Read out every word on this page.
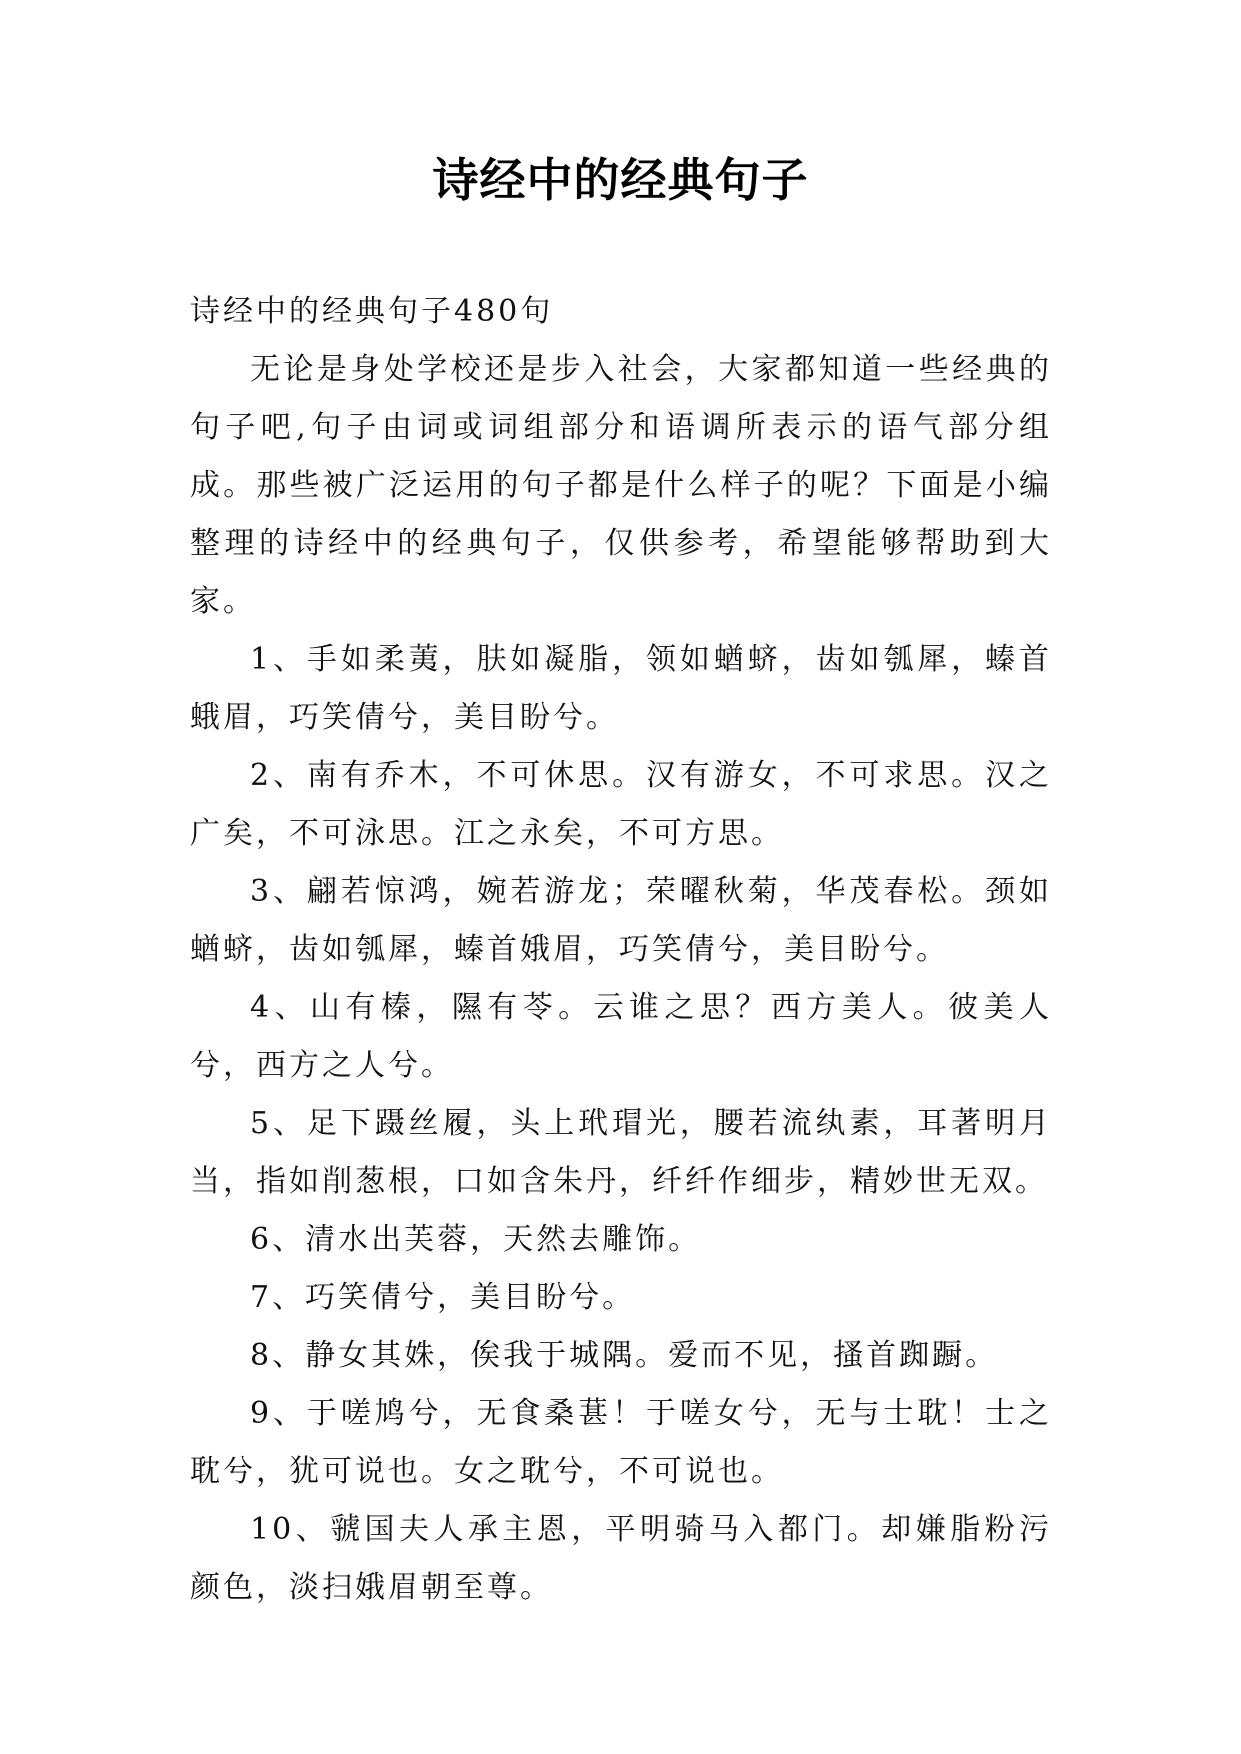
诗经中的经典句子

诗经中的经典句子480句

无论是身处学校还是步入社会，大家都知道一些经典的句子吧,句子由词或词组部分和语调所表示的语气部分组成。那些被广泛运用的句子都是什么样子的呢？下面是小编整理的诗经中的经典句子，仅供参考，希望能够帮助到大家。

1、手如柔荑，肤如凝脂，领如蝤蛴，齿如瓠犀，螓首蛾眉，巧笑倩兮，美目盼兮。

2、南有乔木，不可休思。汉有游女，不可求思。汉之广矣，不可泳思。江之永矣，不可方思。

3、翩若惊鸿，婉若游龙；荣曜秋菊，华茂春松。颈如蝤蛴，齿如瓠犀，螓首娥眉，巧笑倩兮，美目盼兮。

4、山有榛，隰有苓。云谁之思？西方美人。彼美人兮，西方之人兮。

5、足下蹑丝履，头上玳瑁光，腰若流纨素，耳著明月当，指如削葱根，口如含朱丹，纤纤作细步，精妙世无双。

6、清水出芙蓉，天然去雕饰。

7、巧笑倩兮，美目盼兮。

8、静女其姝，俟我于城隅。爱而不见，搔首踟蹰。

9、于嗟鸠兮，无食桑葚！于嗟女兮，无与士耽！士之耽兮，犹可说也。女之耽兮，不可说也。

10、虢国夫人承主恩，平明骑马入都门。却嫌脂粉污颜色，淡扫娥眉朝至尊。
